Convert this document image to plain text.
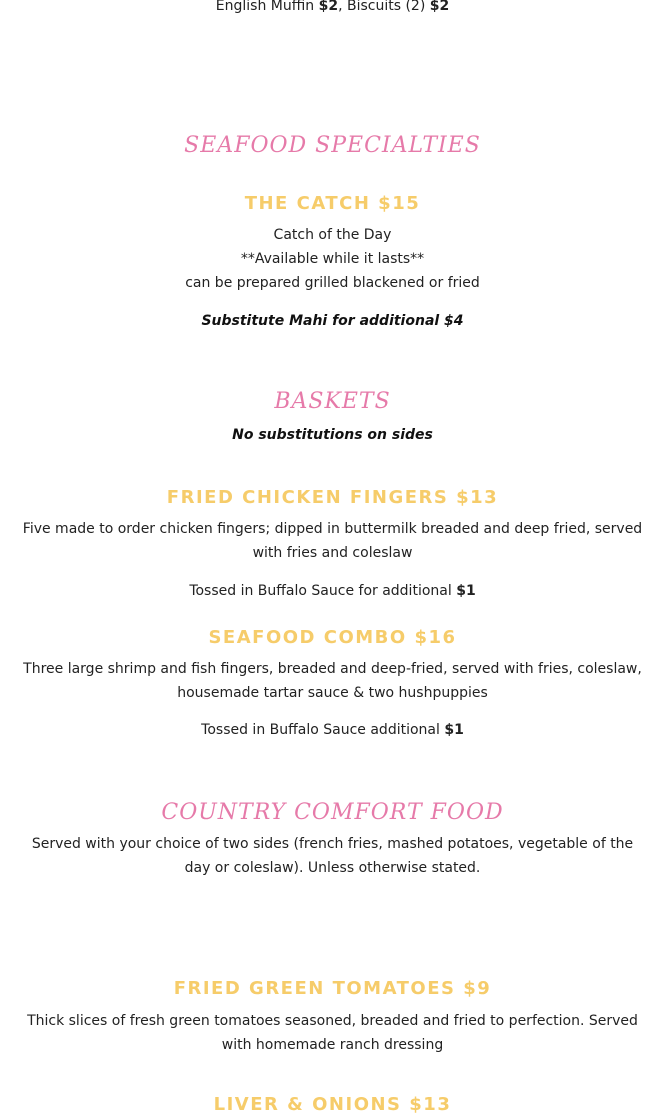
English Muffin $2, Biscuits (2) $2
SEAFOOD SPECIALTIES
THE CATCH $15
Catch of the Day
**Available while it lasts**
can be prepared grilled blackened or fried
Substitute Mahi for additional $4
BASKETS
No substitutions on sides
FRIED CHICKEN FINGERS $13
Five made to order chicken fingers; dipped in buttermilk breaded and deep fried, served with fries and coleslaw
Tossed in Buffalo Sauce for additional $1
SEAFOOD COMBO $16
Three large shrimp and fish fingers, breaded and deep-fried, served with fries, coleslaw, housemade tartar sauce & two hushpuppies
Tossed in Buffalo Sauce additional $1
COUNTRY COMFORT FOOD
Served with your choice of two sides (french fries, mashed potatoes, vegetable of the day or coleslaw). Unless otherwise stated.
FRIED GREEN TOMATOES $9
Thick slices of fresh green tomatoes seasoned, breaded and fried to perfection. Served with homemade ranch dressing
LIVER & ONIONS $13
